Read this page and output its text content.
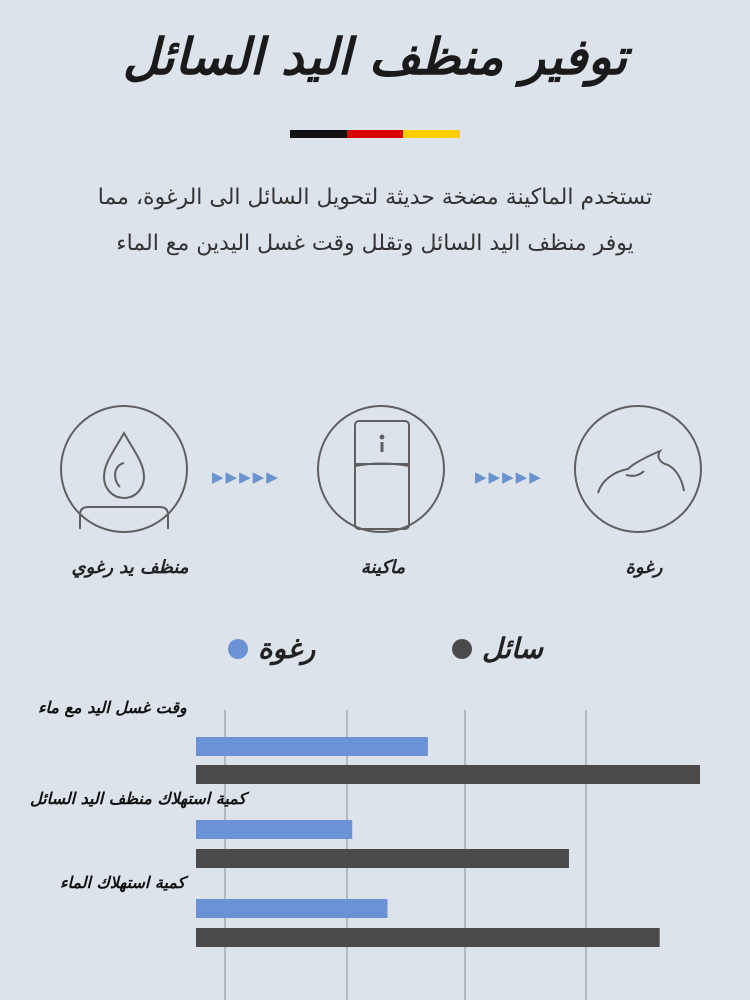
توفير منظف اليد السائل
تستخدم الماكينة مضخة حديثة لتحويل السائل الى الرغوة، مما يوفر منظف اليد السائل وتقلل وقت غسل اليدين مع الماء
▶ ▶ ▶ ▶ ▶	▶ ▶ ▶ ▶ ▶
منظف يد رغوي	ماكينة	رغوة
رغوة	سائل
وقت غسل اليد مع ماء
كمية استهلاك منظف اليد السائل
كمية استهلاك الماء
